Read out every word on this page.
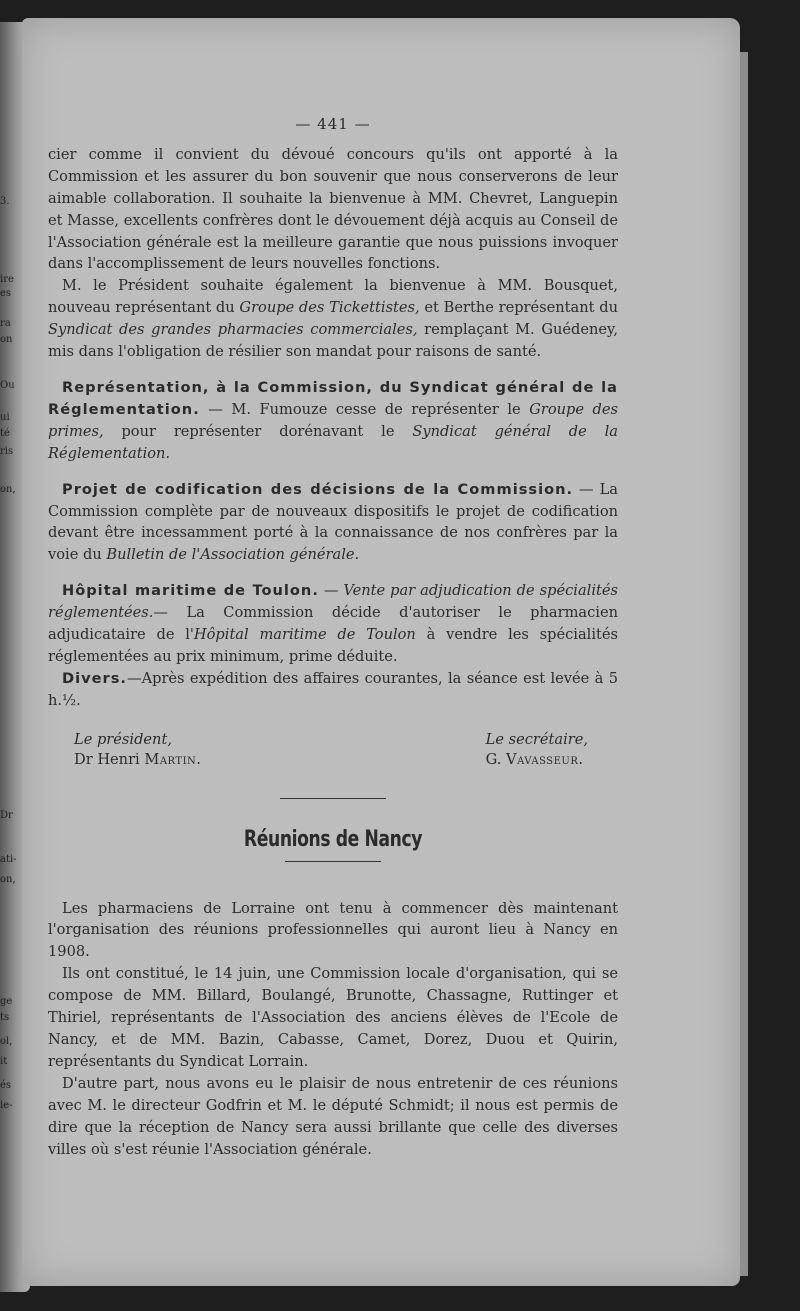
3.
ire
es
ra
on
Ou
ui
té
ris
on,
Dr
ati-
on,
ge
ts
ol,
it
és
ie-
— 441 —

cier comme il convient du dévoué concours qu'ils ont apporté à la Commission et les assurer du bon souvenir que nous conserverons de leur aimable collaboration. Il souhaite la bienvenue à MM. Chevret, Languepin et Masse, excellents confrères dont le dévouement déjà acquis au Conseil de l'Association générale est la meilleure garantie que nous puissions invoquer dans l'accomplissement de leurs nouvelles fonctions.

M. le Président souhaite également la bienvenue à MM. Bousquet, nouveau représentant du Groupe des Tickettistes, et Berthe représentant du Syndicat des grandes pharmacies commerciales, remplaçant M. Guédeney, mis dans l'obligation de résilier son mandat pour raisons de santé.

Représentation, à la Commission, du Syndicat général de la Réglementation. — M. Fumouze cesse de représenter le Groupe des primes, pour représenter dorénavant le Syndicat général de la Réglementation.

Projet de codification des décisions de la Commission. — La Commission complète par de nouveaux dispositifs le projet de codification devant être incessamment porté à la connaissance de nos confrères par la voie du Bulletin de l'Association générale.

Hôpital maritime de Toulon. — Vente par adjudication de spécialités réglementées.— La Commission décide d'autoriser le pharmacien adjudicataire de l'Hôpital maritime de Toulon à vendre les spécialités réglementées au prix minimum, prime déduite.

Divers.—Après expédition des affaires courantes, la séance est levée à 5 h.½.

Le président,
Dr Henri Martin.
Le secrétaire,
G. Vavasseur.
Réunions de Nancy

Les pharmaciens de Lorraine ont tenu à commencer dès maintenant l'organisation des réunions professionnelles qui auront lieu à Nancy en 1908.

Ils ont constitué, le 14 juin, une Commission locale d'organisation, qui se compose de MM. Billard, Boulangé, Brunotte, Chassagne, Ruttinger et Thiriel, représentants de l'Association des anciens élèves de l'Ecole de Nancy, et de MM. Bazin, Cabasse, Camet, Dorez, Duou et Quirin, représentants du Syndicat Lorrain.

D'autre part, nous avons eu le plaisir de nous entretenir de ces réunions avec M. le directeur Godfrin et M. le député Schmidt; il nous est permis de dire que la réception de Nancy sera aussi brillante que celle des diverses villes où s'est réunie l'Association générale.
